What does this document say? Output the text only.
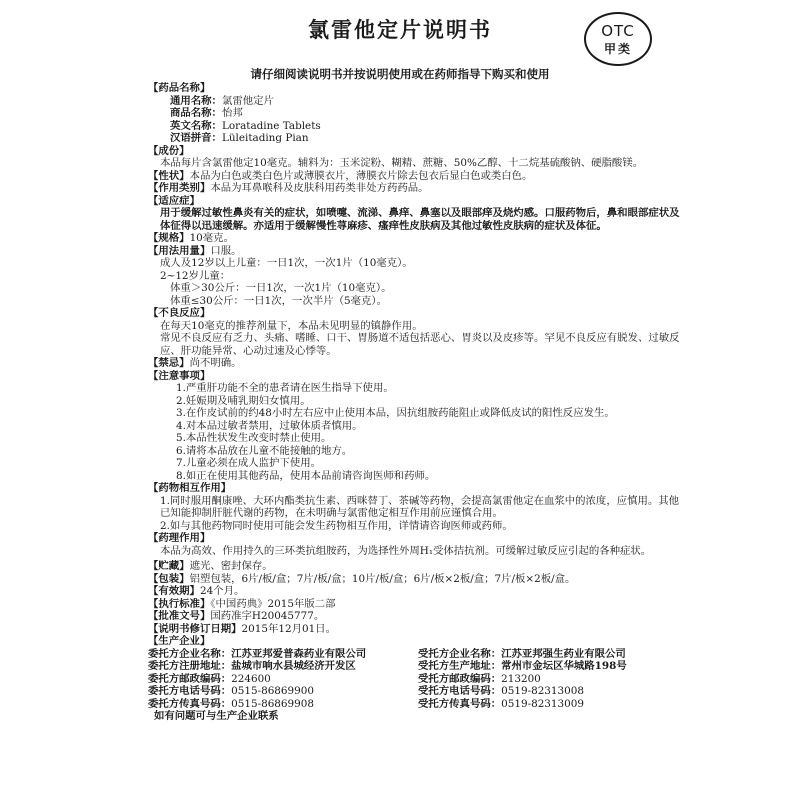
氯雷他定片说明书	OTC
甲类
请仔细阅读说明书并按说明使用或在药师指导下购买和使用
【药品名称】
通用名称：氯雷他定片
商品名称：怡邦
英文名称：Loratadine Tablets
汉语拼音：Lüleitading Pian
【成份】
本品每片含氯雷他定10毫克。辅料为：玉米淀粉、糊精、蔗糖、50%乙醇、十二烷基硫酸钠、硬脂酸镁。
【性状】本品为白色或类白色片或薄膜衣片，薄膜衣片除去包衣后显白色或类白色。
【作用类别】本品为耳鼻喉科及皮肤科用药类非处方药药品。
【适应症】
用于缓解过敏性鼻炎有关的症状，如喷嚏、流涕、鼻痒、鼻塞以及眼部痒及烧灼感。口服药物后，鼻和眼部症状及体征得以迅速缓解。亦适用于缓解慢性荨麻疹、瘙痒性皮肤病及其他过敏性皮肤病的症状及体征。
【规格】10毫克。
【用法用量】口服。
成人及12岁以上儿童：一日1次，一次1片（10毫克）。
2~12岁儿童：
体重＞30公斤：一日1次，一次1片（10毫克）。
体重≤30公斤：一日1次，一次半片（5毫克）。
【不良反应】
在每天10毫克的推荐剂量下，本品未见明显的镇静作用。
常见不良反应有乏力、头痛、嗜睡、口干、胃肠道不适包括恶心、胃炎以及皮疹等。罕见不良反应有脱发、过敏反应、肝功能异常、心动过速及心悸等。
【禁忌】尚不明确。
【注意事项】
1.严重肝功能不全的患者请在医生指导下使用。
2.妊娠期及哺乳期妇女慎用。
3.在作皮试前的约48小时左右应中止使用本品，因抗组胺药能阻止或降低皮试的阳性反应发生。
4.对本品过敏者禁用，过敏体质者慎用。
5.本品性状发生改变时禁止使用。
6.请将本品放在儿童不能接触的地方。
7.儿童必须在成人监护下使用。
8.如正在使用其他药品，使用本品前请咨询医师和药师。
【药物相互作用】
1.同时服用酮康唑、大环内酯类抗生素、西咪替丁、茶碱等药物，会提高氯雷他定在血浆中的浓度，应慎用。其他已知能抑制肝脏代谢的药物，在未明确与氯雷他定相互作用前应谨慎合用。
2.如与其他药物同时使用可能会发生药物相互作用，详情请咨询医师或药师。
【药理作用】
本品为高效、作用持久的三环类抗组胺药，为选择性外周H₁受体拮抗剂。可缓解过敏反应引起的各种症状。
【贮藏】遮光、密封保存。
【包装】铝塑包装，6片/板/盒；7片/板/盒；10片/板/盒；6片/板×2板/盒；7片/板×2板/盒。
【有效期】24个月。
【执行标准】《中国药典》2015年版二部
【批准文号】国药准字H20045777。
【说明书修订日期】2015年12月01日。
【生产企业】
委托方企业名称：江苏亚邦爱普森药业有限公司	受托方企业名称：江苏亚邦强生药业有限公司
委托方注册地址：盐城市响水县城经济开发区	受托方生产地址：常州市金坛区华城路198号
委托方邮政编码：224600	受托方邮政编码：213200
委托方电话号码：0515-86869900	受托方电话号码：0519-82313008
委托方传真号码：0515-86869908	受托方传真号码：0519-82313009
如有问题可与生产企业联系
